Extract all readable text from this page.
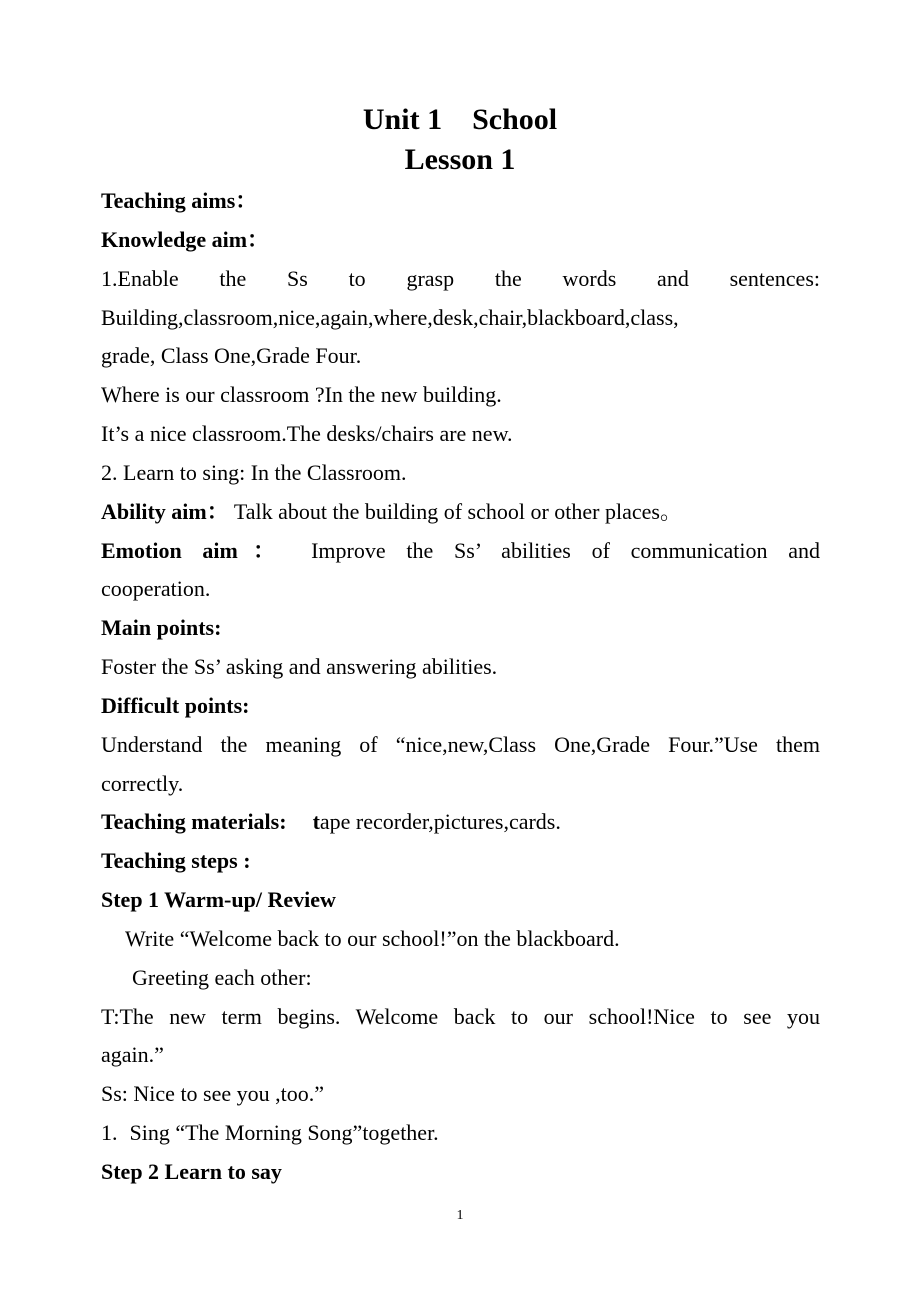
Unit 1    School
Lesson 1
Teaching aims：
Knowledge aim：
1.Enable the Ss to grasp the words and sentences:
Building,classroom,nice,again,where,desk,chair,blackboard,class,
grade, Class One,Grade Four.
Where is our classroom ?In the new building.
It’s a nice classroom.The desks/chairs are new.
2. Learn to sing: In the Classroom.
Ability aim： Talk about the building of school or other places。
Emotion aim： Improve the Ss’ abilities of communication and
cooperation.
Main points:
Foster the Ss’ asking and answering abilities.
Difficult points:
Understand the meaning of “nice,new,Class One,Grade Four.”Use them
correctly.
Teaching materials: tape recorder,pictures,cards.
Teaching steps :
Step 1 Warm-up/ Review
Write “Welcome back to our school!”on the blackboard.
Greeting each other:
T:The new term begins. Welcome back to our school!Nice to see you
again.”
Ss: Nice to see you ,too.”
1. Sing “The Morning Song”together.
Step 2 Learn to say
1
